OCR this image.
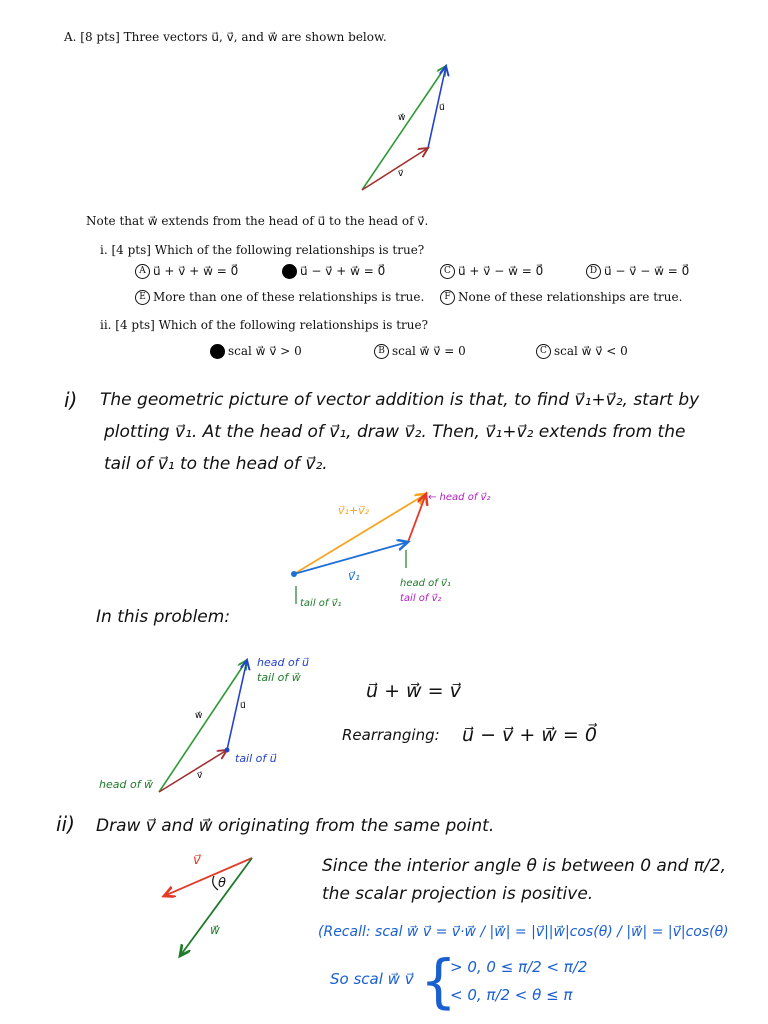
A. [8 pts] Three vectors u⃗, v⃗, and w⃗ are shown below.
w⃗
u⃗
v⃗
Note that w⃗ extends from the head of u⃗ to the head of v⃗.
i. [4 pts] Which of the following relationships is true?
A u⃗ + v⃗ + w⃗ = 0⃗	u⃗ − v⃗ + w⃗ = 0⃗	C u⃗ + v⃗ − w⃗ = 0⃗	D u⃗ − v⃗ − w⃗ = 0⃗
E More than one of these relationships is true.	F None of these relationships are true.
ii. [4 pts] Which of the following relationships is true?
scal w⃗ v⃗ > 0	B scal w⃗ v⃗ = 0	C scal w⃗ v⃗ < 0
i) The geometric picture of vector addition is that, to find v⃗₁+v⃗₂, start by
plotting v⃗₁. At the head of v⃗₁, draw v⃗₂. Then, v⃗₁+v⃗₂ extends from the
tail of v⃗₁ to the head of v⃗₂.
v⃗₁+v⃗₂
← head of v⃗₂
v⃗₁
head of v⃗₁
tail of v⃗₂
tail of v⃗₁
In this problem:
w⃗
u⃗
v⃗
head of u⃗
tail of w⃗
tail of u⃗
head of w⃗
u⃗ + w⃗ = v⃗
Rearranging: u⃗ − v⃗ + w⃗ = 0⃗
ii) Draw v⃗ and w⃗ originating from the same point.
v⃗
θ
w⃗
Since the interior angle θ is between 0 and π/2,
the scalar projection is positive.
(Recall: scal w⃗ v⃗ = v⃗·w⃗ / |w⃗| = |v⃗||w⃗|cos(θ) / |w⃗| = |v⃗|cos(θ)
So scal w⃗ v⃗ {
> 0, 0 ≤ π/2 < π/2
< 0, π/2 < θ ≤ π
